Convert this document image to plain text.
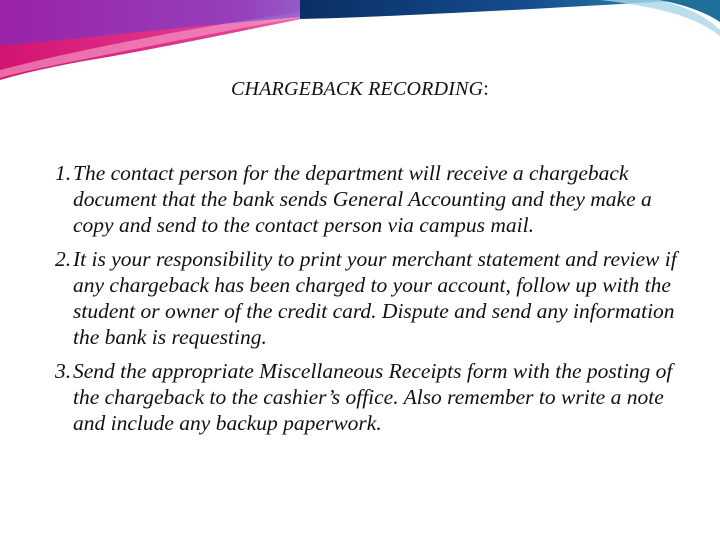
CHARGEBACK RECORDING:
1. The contact person for the department will receive a chargeback document that the bank sends General Accounting and they make a copy and send to the contact person via campus mail.
2. It is your responsibility to print your merchant statement and review if any chargeback has been charged to your account, follow up with the student or owner of the credit card. Dispute and send any information the bank is requesting.
3. Send the appropriate Miscellaneous Receipts form with the posting of the chargeback to the cashier’s office. Also remember to write a note and include any backup paperwork.
